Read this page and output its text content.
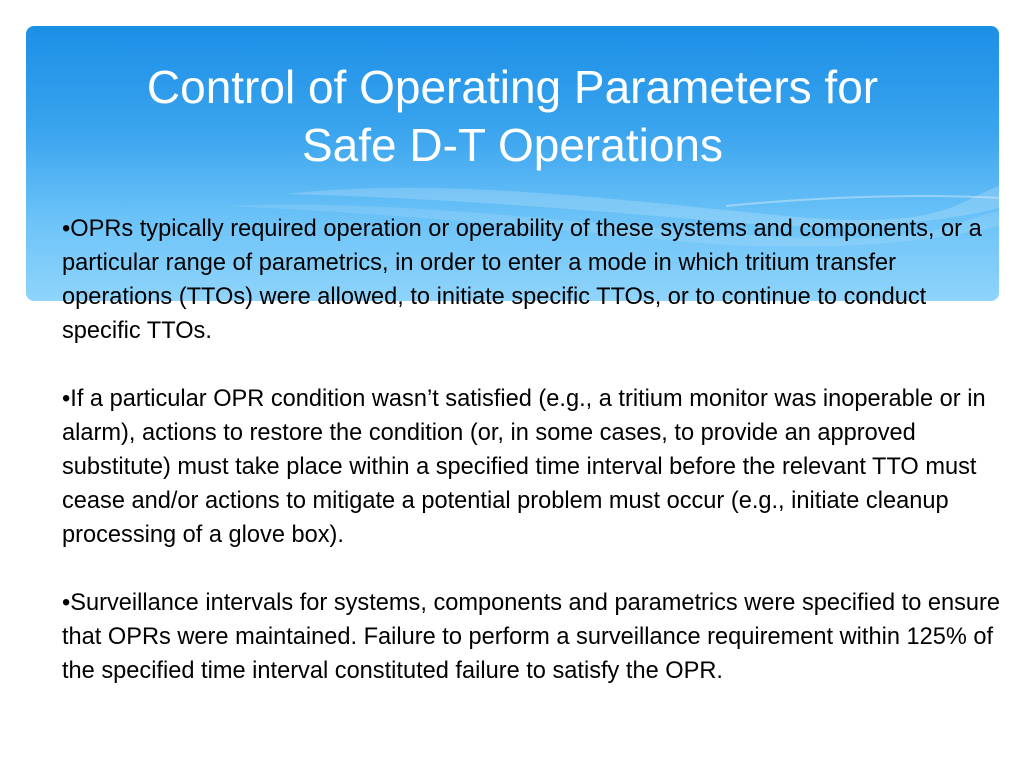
Control of Operating Parameters for
Safe D-T Operations

•OPRs typically required operation or operability of these systems and components, or a particular range of parametrics, in order to enter a mode in which tritium transfer operations (TTOs) were allowed, to initiate specific TTOs, or to continue to conduct specific TTOs.

•If a particular OPR condition wasn’t satisfied (e.g., a tritium monitor was inoperable or in alarm), actions to restore the condition (or, in some cases, to provide an approved substitute) must take place within a specified time interval before the relevant TTO must cease and/or actions to mitigate a potential problem must occur (e.g., initiate cleanup processing of a glove box).

•Surveillance intervals for systems, components and parametrics were specified to ensure that OPRs were maintained. Failure to perform a surveillance requirement within 125% of the specified time interval constituted failure to satisfy the OPR.
